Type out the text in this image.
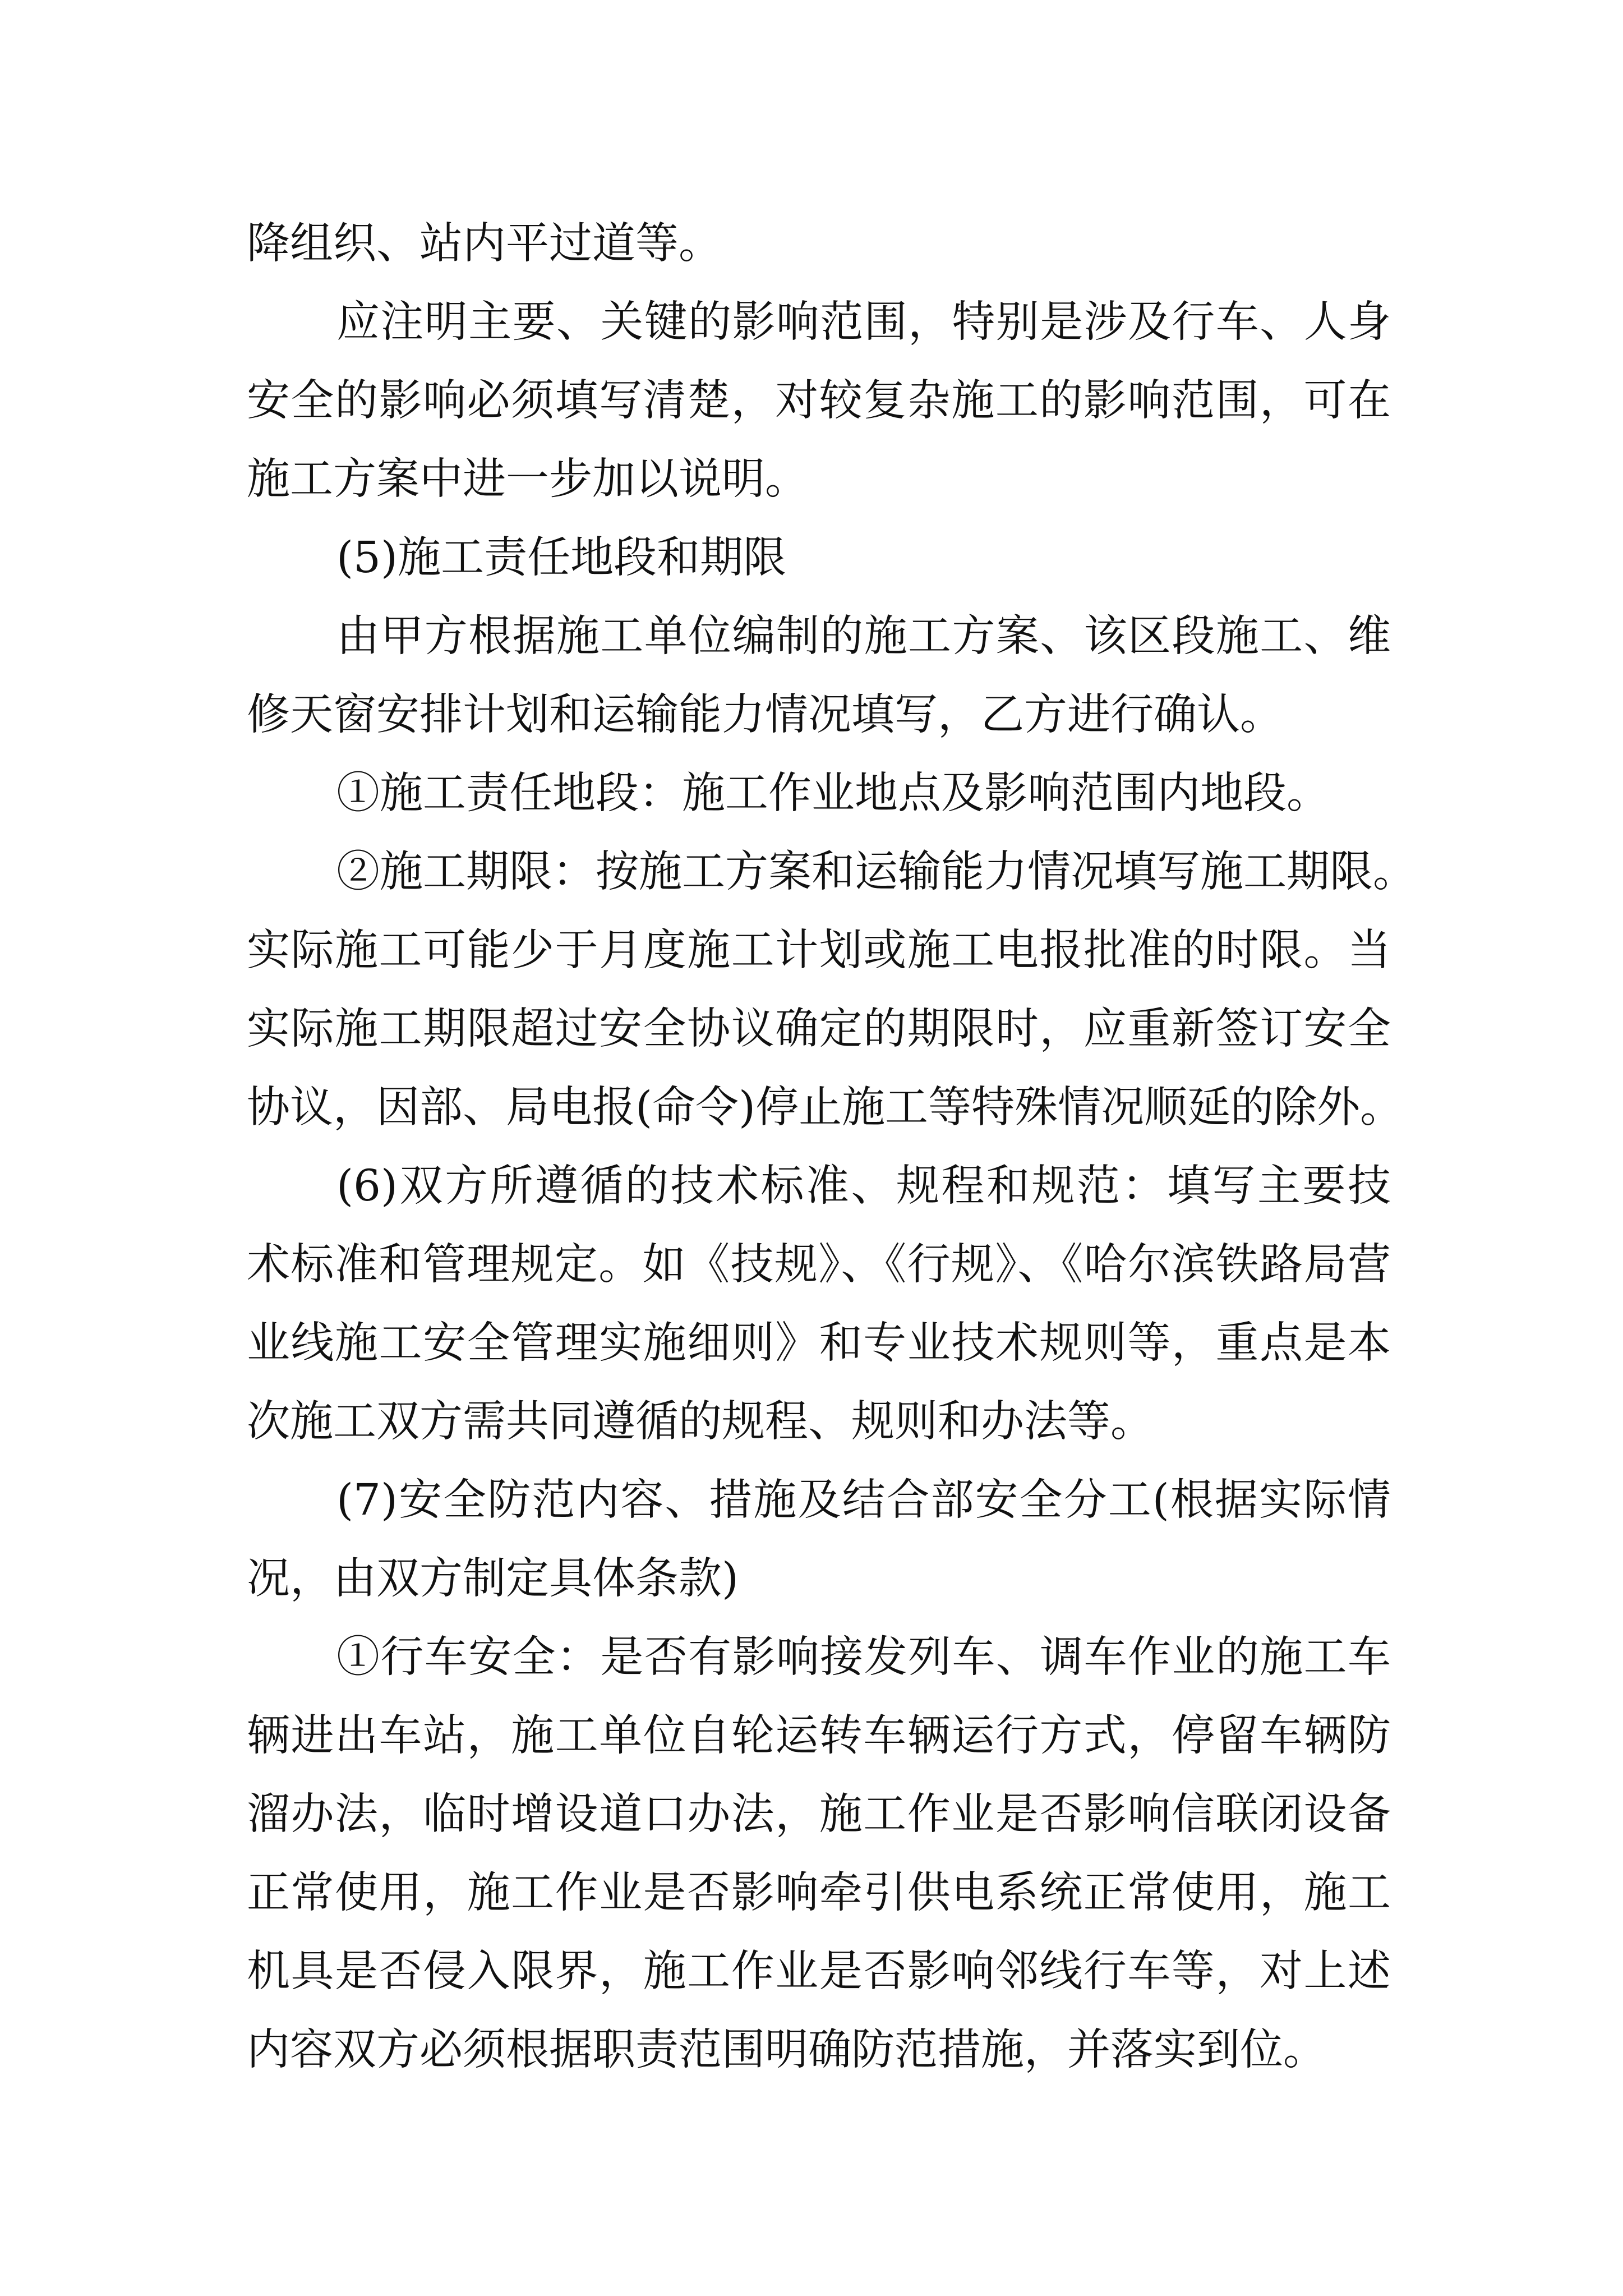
降组织、站内平过道等。
应注明主要、关键的影响范围，特别是涉及行车、人身
安全的影响必须填写清楚，对较复杂施工的影响范围，可在
施工方案中进一步加以说明。
(5)施工责任地段和期限
由甲方根据施工单位编制的施工方案、该区段施工、维
修天窗安排计划和运输能力情况填写，乙方进行确认。
①施工责任地段：施工作业地点及影响范围内地段。
②施工期限：按施工方案和运输能力情况填写施工期限。
实际施工可能少于月度施工计划或施工电报批准的时限。当
实际施工期限超过安全协议确定的期限时，应重新签订安全
协议，因部、局电报(命令)停止施工等特殊情况顺延的除外。
(6)双方所遵循的技术标准、规程和规范：填写主要技
术标准和管理规定。如《技规》、《行规》、《哈尔滨铁路局营
业线施工安全管理实施细则》和专业技术规则等，重点是本
次施工双方需共同遵循的规程、规则和办法等。
(7)安全防范内容、措施及结合部安全分工(根据实际情
况，由双方制定具体条款)
①行车安全：是否有影响接发列车、调车作业的施工车
辆进出车站，施工单位自轮运转车辆运行方式，停留车辆防
溜办法，临时增设道口办法，施工作业是否影响信联闭设备
正常使用，施工作业是否影响牵引供电系统正常使用，施工
机具是否侵入限界，施工作业是否影响邻线行车等，对上述
内容双方必须根据职责范围明确防范措施，并落实到位。
